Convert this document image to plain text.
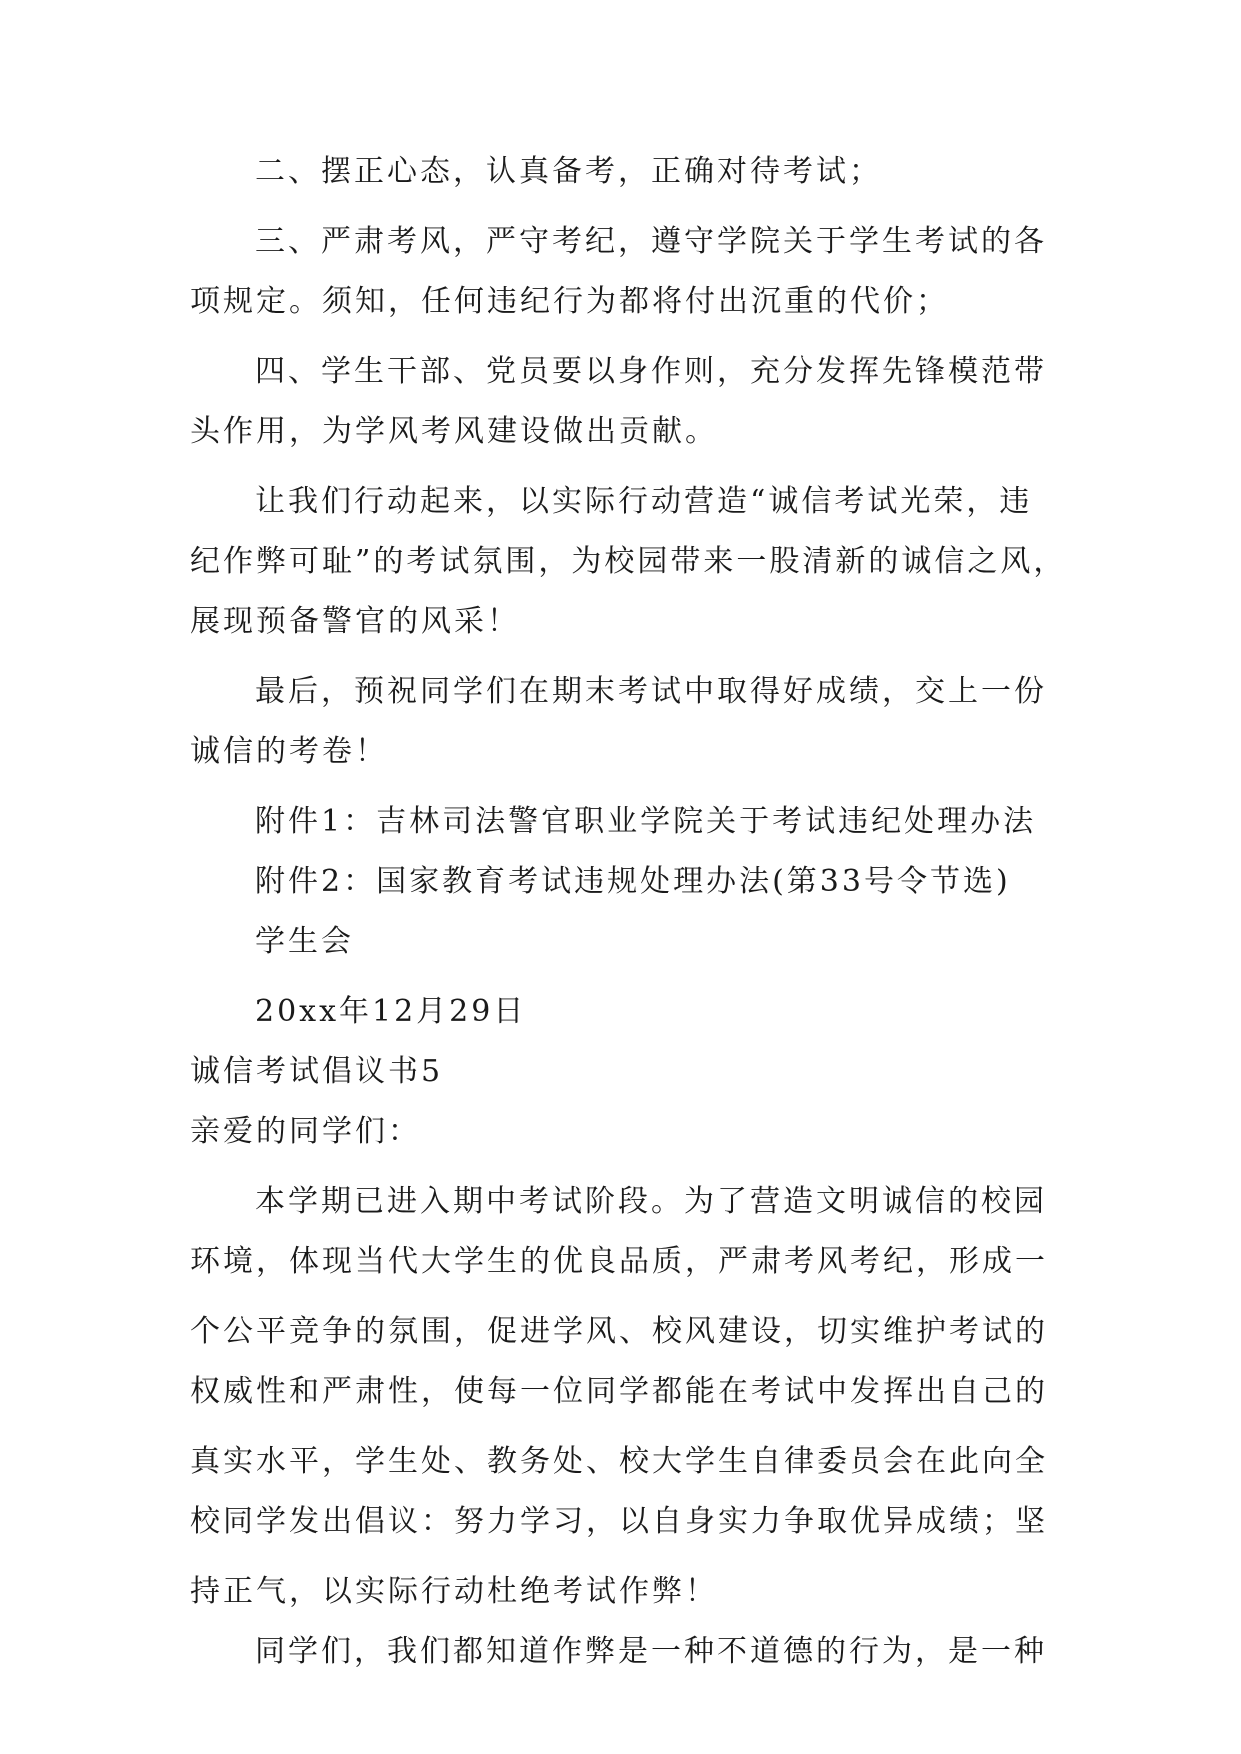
二、摆正心态，认真备考，正确对待考试；
三、严肃考风，严守考纪，遵守学院关于学生考试的各
项规定。须知，任何违纪行为都将付出沉重的代价；
四、学生干部、党员要以身作则，充分发挥先锋模范带
头作用，为学风考风建设做出贡献。
让我们行动起来，以实际行动营造“诚信考试光荣，违
纪作弊可耻”的考试氛围，为校园带来一股清新的诚信之风，
展现预备警官的风采！
最后，预祝同学们在期末考试中取得好成绩，交上一份
诚信的考卷！
附件1：吉林司法警官职业学院关于考试违纪处理办法
附件2：国家教育考试违规处理办法(第33号令节选)
学生会
20xx年12月29日
诚信考试倡议书5
亲爱的同学们：
本学期已进入期中考试阶段。为了营造文明诚信的校园
环境，体现当代大学生的优良品质，严肃考风考纪，形成一
个公平竞争的氛围，促进学风、校风建设，切实维护考试的
权威性和严肃性，使每一位同学都能在考试中发挥出自己的
真实水平，学生处、教务处、校大学生自律委员会在此向全
校同学发出倡议：努力学习，以自身实力争取优异成绩；坚
持正气，以实际行动杜绝考试作弊！
同学们，我们都知道作弊是一种不道德的行为，是一种
